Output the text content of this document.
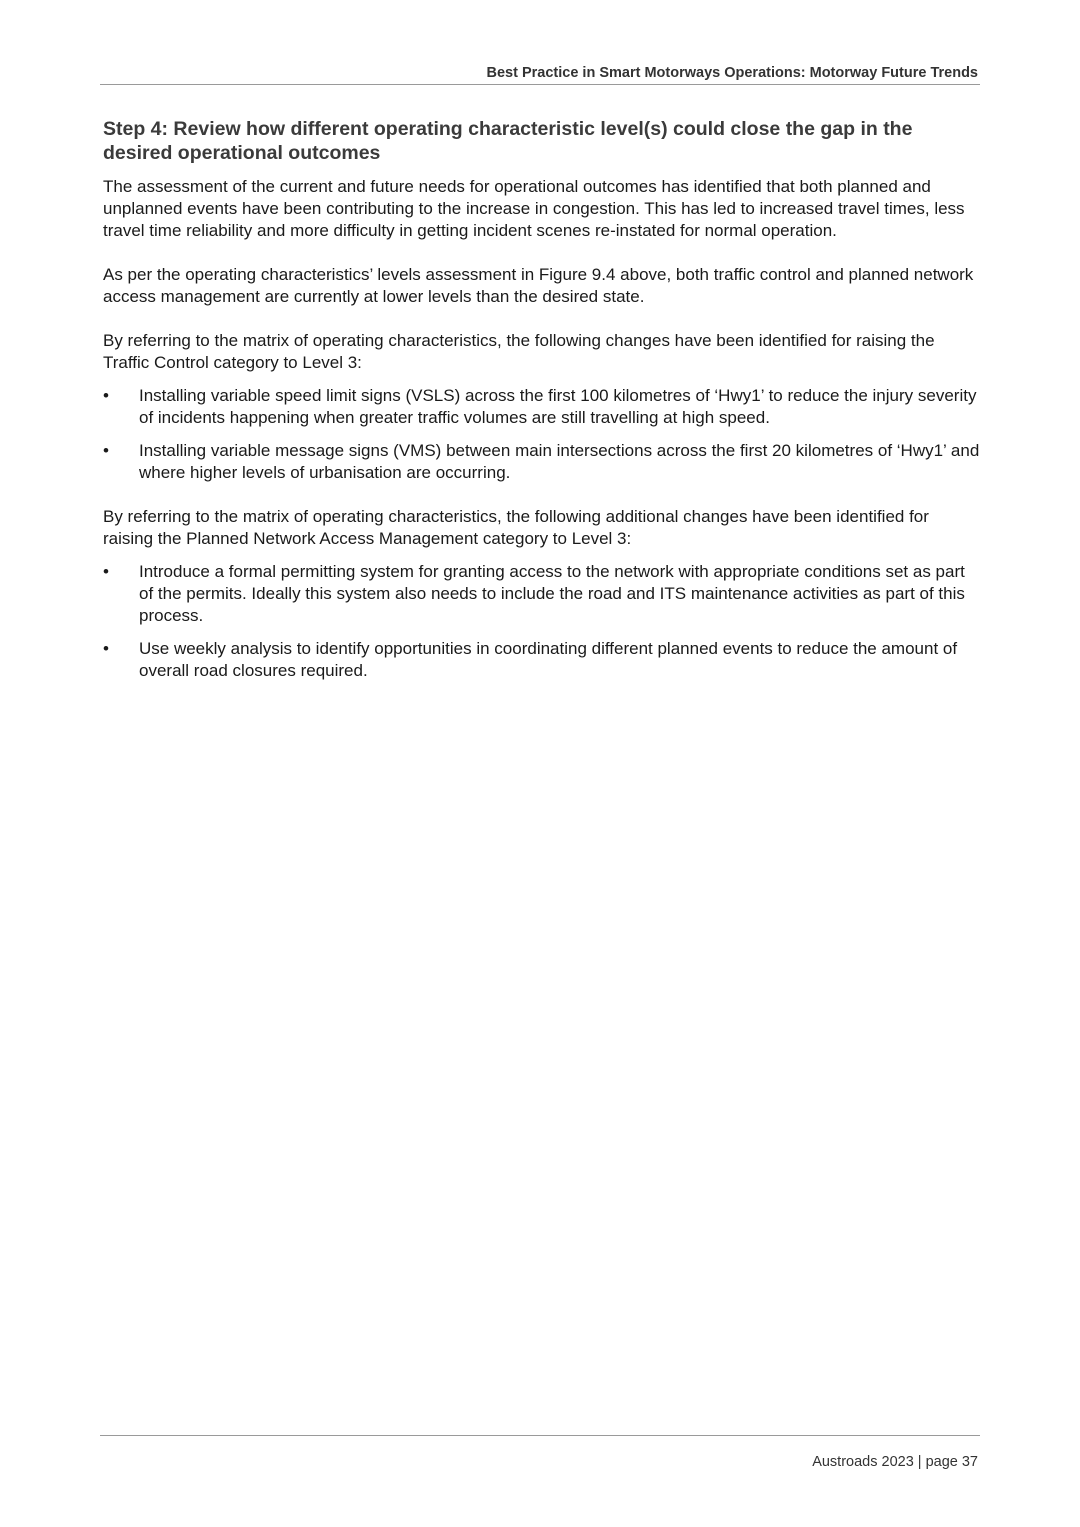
Best Practice in Smart Motorways Operations: Motorway Future Trends
Step 4: Review how different operating characteristic level(s) could close the gap in the desired operational outcomes

The assessment of the current and future needs for operational outcomes has identified that both planned and unplanned events have been contributing to the increase in congestion. This has led to increased travel times, less travel time reliability and more difficulty in getting incident scenes re-instated for normal operation.

As per the operating characteristics’ levels assessment in Figure 9.4 above, both traffic control and planned network access management are currently at lower levels than the desired state.

By referring to the matrix of operating characteristics, the following changes have been identified for raising the Traffic Control category to Level 3:

• Installing variable speed limit signs (VSLS) across the first 100 kilometres of ‘Hwy1’ to reduce the injury severity of incidents happening when greater traffic volumes are still travelling at high speed.
• Installing variable message signs (VMS) between main intersections across the first 20 kilometres of ‘Hwy1’ and where higher levels of urbanisation are occurring.

By referring to the matrix of operating characteristics, the following additional changes have been identified for raising the Planned Network Access Management category to Level 3:

• Introduce a formal permitting system for granting access to the network with appropriate conditions set as part of the permits. Ideally this system also needs to include the road and ITS maintenance activities as part of this process.
• Use weekly analysis to identify opportunities in coordinating different planned events to reduce the amount of overall road closures required.
Austroads 2023 | page 37
